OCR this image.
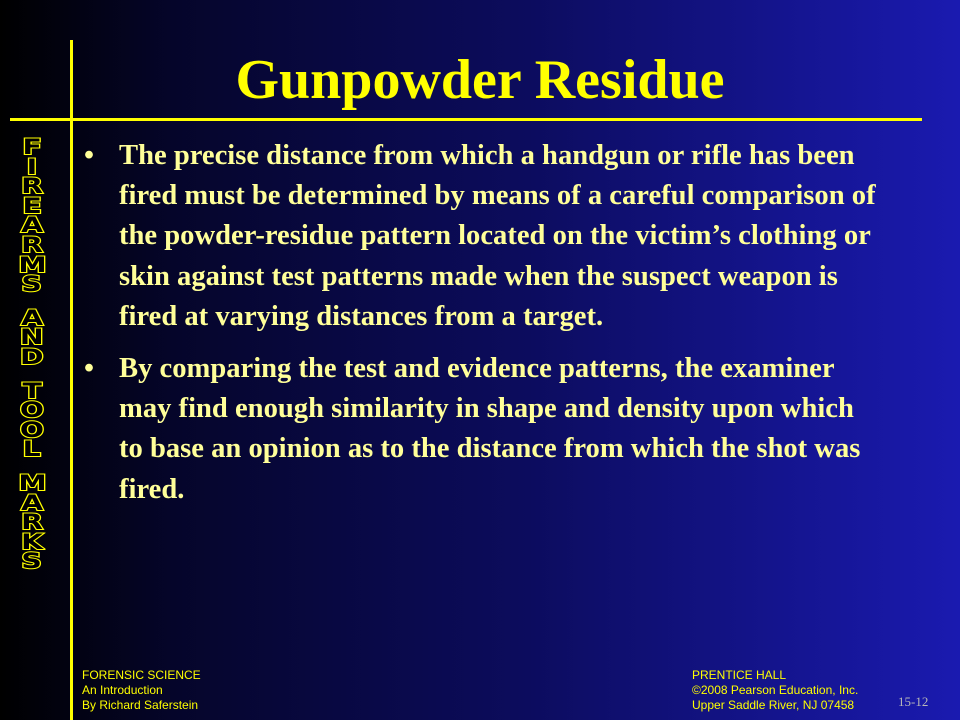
Gunpowder Residue
F
I
R
E
A
R
M
S
A
N
D
T
O
O
L
M
A
R
K
S
• The precise distance from which a handgun or rifle has been fired must be determined by means of a careful comparison of the powder-residue pattern located on the victim’s clothing or skin against test patterns made when the suspect weapon is fired at varying distances from a target.
• By comparing the test and evidence patterns, the examiner may find enough similarity in shape and density upon which to base an opinion as to the distance from which the shot was fired.
FORENSIC SCIENCE
An Introduction
By Richard Saferstein
PRENTICE HALL
©2008 Pearson Education, Inc.
Upper Saddle River, NJ 07458	15-12
